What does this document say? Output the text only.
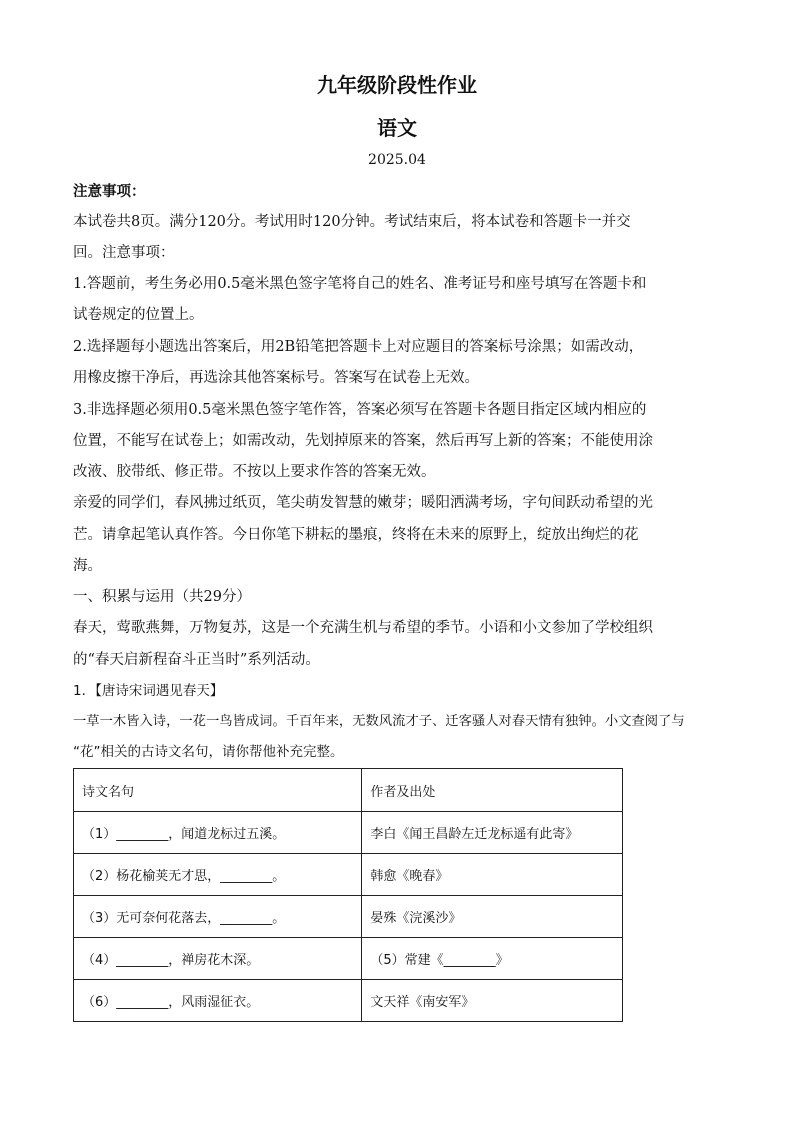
九年级阶段性作业
语文
2025.04
注意事项：
本试卷共8页。满分120分。考试用时120分钟。考试结束后，将本试卷和答题卡一并交
回。注意事项：
1.答题前，考生务必用0.5毫米黑色签字笔将自己的姓名、准考证号和座号填写在答题卡和
试卷规定的位置上。
2.选择题每小题选出答案后，用2B铅笔把答题卡上对应题目的答案标号涂黑；如需改动，
用橡皮擦干净后，再选涂其他答案标号。答案写在试卷上无效。
3.非选择题必须用0.5毫米黑色签字笔作答，答案必须写在答题卡各题目指定区域内相应的
位置，不能写在试卷上；如需改动，先划掉原来的答案，然后再写上新的答案；不能使用涂
改液、胶带纸、修正带。不按以上要求作答的答案无效。
亲爱的同学们，春风拂过纸页，笔尖萌发智慧的嫩芽；暖阳洒满考场，字句间跃动希望的光
芒。请拿起笔认真作答。今日你笔下耕耘的墨痕，终将在未来的原野上，绽放出绚烂的花
海。
一、积累与运用（共29分）
春天，莺歌燕舞，万物复苏，这是一个充满生机与希望的季节。小语和小文参加了学校组织
的“春天启新程奋斗正当时”系列活动。
1．【唐诗宋词遇见春天】
一草一木皆入诗，一花一鸟皆成词。千百年来，无数风流才子、迁客骚人对春天情有独钟。小文查阅了与
“花”相关的古诗文名句，请你帮他补充完整。
诗文名句	作者及出处
（1）________，闻道龙标过五溪。	李白《闻王昌龄左迁龙标遥有此寄》
（2）杨花榆荚无才思，________。	韩愈《晚春》
（3）无可奈何花落去，________。	晏殊《浣溪沙》
（4）________，禅房花木深。	（5）常建《________》
（6）________，风雨湿征衣。	文天祥《南安军》
